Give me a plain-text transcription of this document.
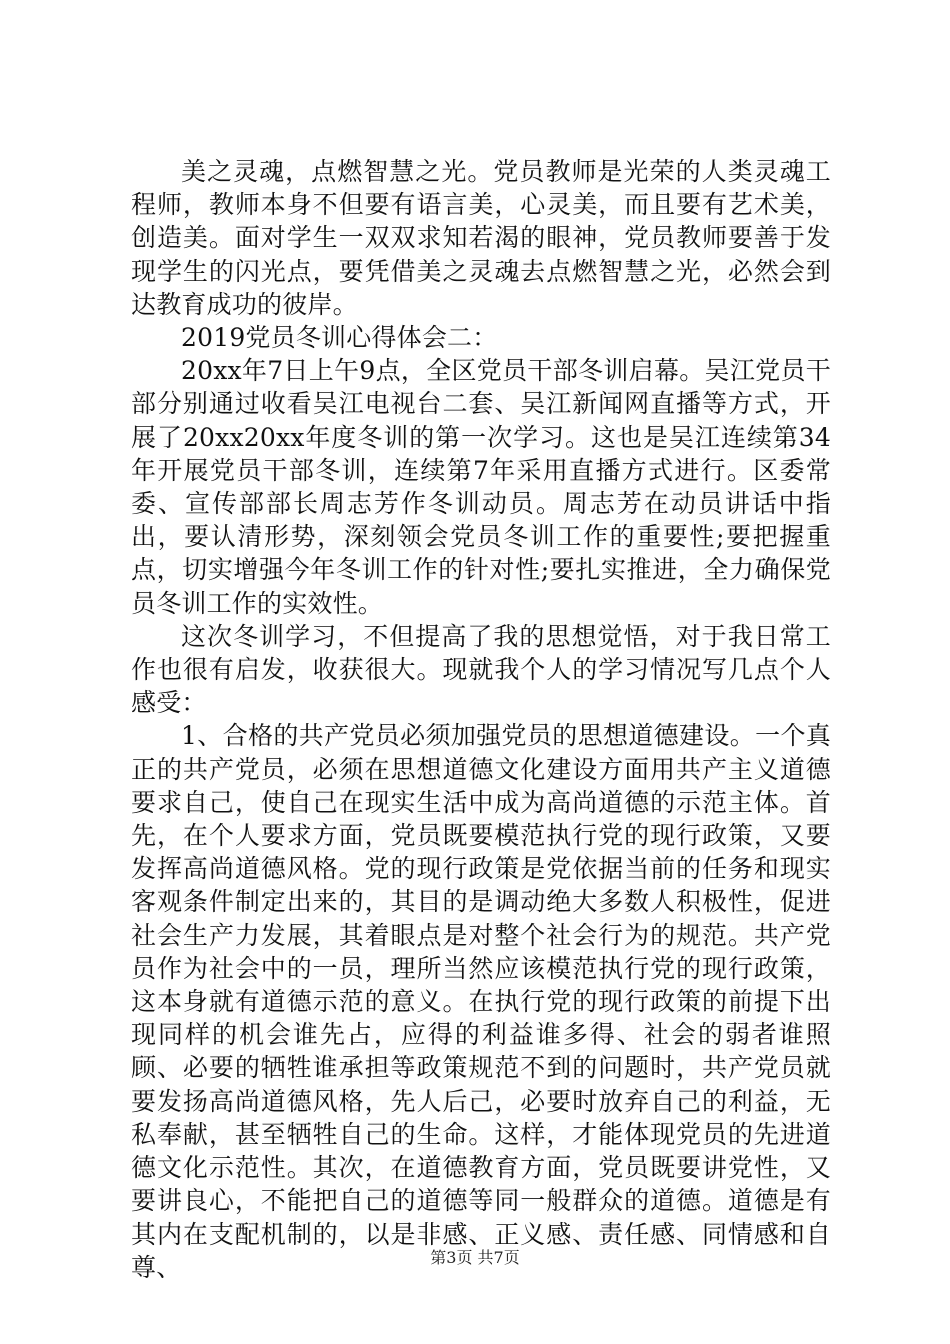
美之灵魂，点燃智慧之光。党员教师是光荣的人类灵魂工程师，教师本身不但要有语言美，心灵美，而且要有艺术美，创造美。面对学生一双双求知若渴的眼神，党员教师要善于发现学生的闪光点，要凭借美之灵魂去点燃智慧之光，必然会到达教育成功的彼岸。

2019党员冬训心得体会二：

20xx年7日上午9点，全区党员干部冬训启幕。吴江党员干部分别通过收看吴江电视台二套、吴江新闻网直播等方式，开展了20xx20xx年度冬训的第一次学习。这也是吴江连续第34年开展党员干部冬训，连续第7年采用直播方式进行。区委常委、宣传部部长周志芳作冬训动员。周志芳在动员讲话中指出，要认清形势，深刻领会党员冬训工作的重要性;要把握重点，切实增强今年冬训工作的针对性;要扎实推进，全力确保党员冬训工作的实效性。

这次冬训学习，不但提高了我的思想觉悟，对于我日常工作也很有启发，收获很大。现就我个人的学习情况写几点个人感受：

1、合格的共产党员必须加强党员的思想道德建设。一个真正的共产党员，必须在思想道德文化建设方面用共产主义道德要求自己，使自己在现实生活中成为高尚道德的示范主体。首先，在个人要求方面，党员既要模范执行党的现行政策，又要发挥高尚道德风格。党的现行政策是党依据当前的任务和现实客观条件制定出来的，其目的是调动绝大多数人积极性，促进社会生产力发展，其着眼点是对整个社会行为的规范。共产党员作为社会中的一员，理所当然应该模范执行党的现行政策，这本身就有道德示范的意义。在执行党的现行政策的前提下出现同样的机会谁先占，应得的利益谁多得、社会的弱者谁照顾、必要的牺牲谁承担等政策规范不到的问题时，共产党员就要发扬高尚道德风格，先人后己，必要时放弃自己的利益，无私奉献，甚至牺牲自己的生命。这样，才能体现党员的先进道德文化示范性。其次，在道德教育方面，党员既要讲党性，又要讲良心，不能把自己的道德等同一般群众的道德。道德是有其内在支配机制的，以是非感、正义感、责任感、同情感和自尊、	第3页 共7页
